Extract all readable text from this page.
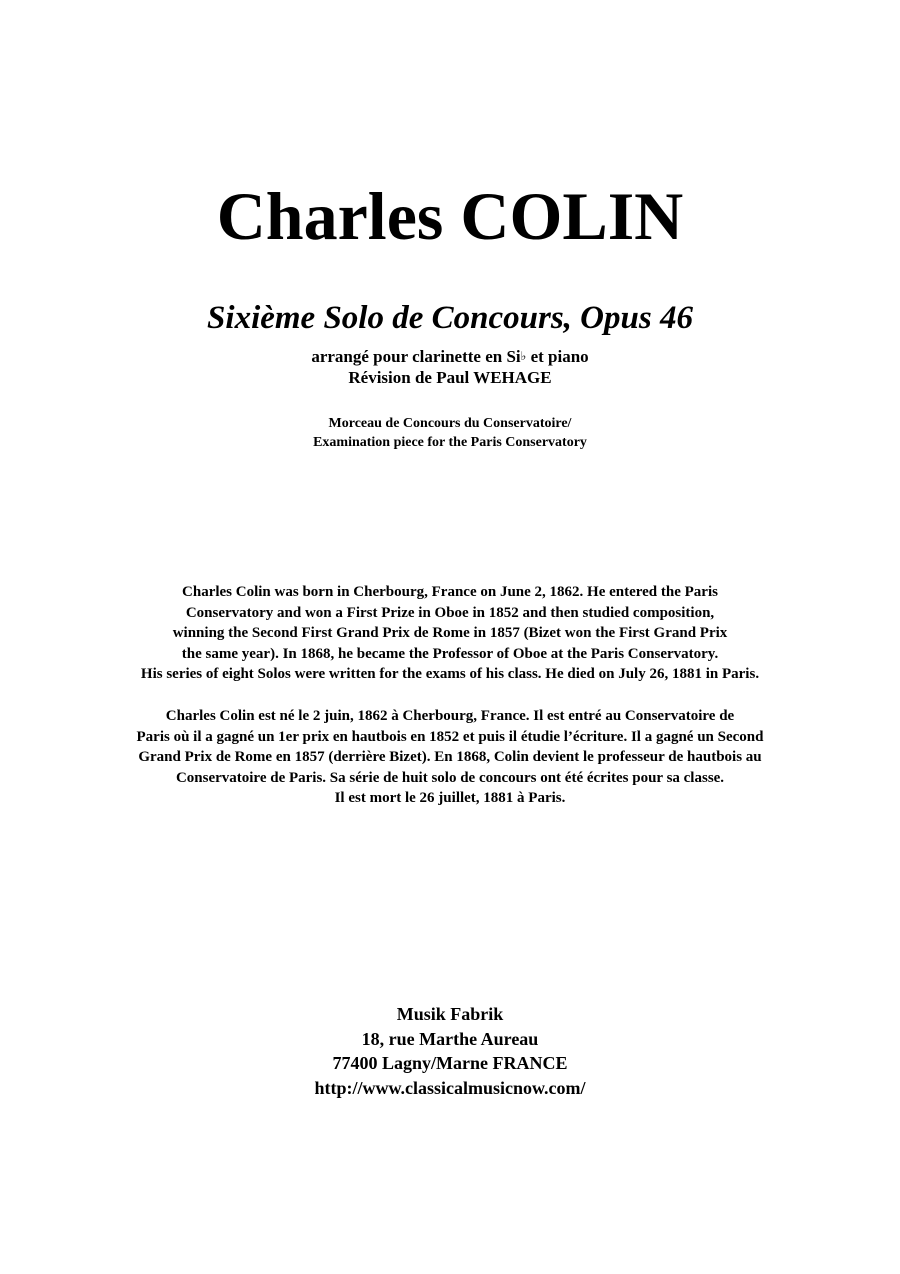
Charles COLIN
Sixième Solo de Concours, Opus 46
arrangé pour clarinette en Si♭ et piano
Révision de Paul WEHAGE
Morceau de Concours du Conservatoire/
Examination piece for the Paris Conservatory
Charles Colin was born in Cherbourg, France on June 2, 1862. He entered the Paris
Conservatory and won a First Prize in Oboe in 1852 and then studied composition,
winning the Second First Grand Prix de Rome in 1857 (Bizet won the First Grand Prix
the same year). In 1868, he became the Professor of Oboe at the Paris Conservatory.
His series of eight Solos were written for the exams of his class. He died on July 26, 1881 in Paris.
Charles Colin est né le 2 juin, 1862 à Cherbourg, France. Il est entré au Conservatoire de
Paris où il a gagné un 1er prix en hautbois en 1852 et puis il étudie l’écriture. Il a gagné un Second
Grand Prix de Rome en 1857 (derrière Bizet). En 1868, Colin devient le professeur de hautbois au
Conservatoire de Paris. Sa série de huit solo de concours ont été écrites pour sa classe.
Il est mort le 26 juillet, 1881 à Paris.
Musik Fabrik
18, rue Marthe Aureau
77400 Lagny/Marne FRANCE
http://www.classicalmusicnow.com/
